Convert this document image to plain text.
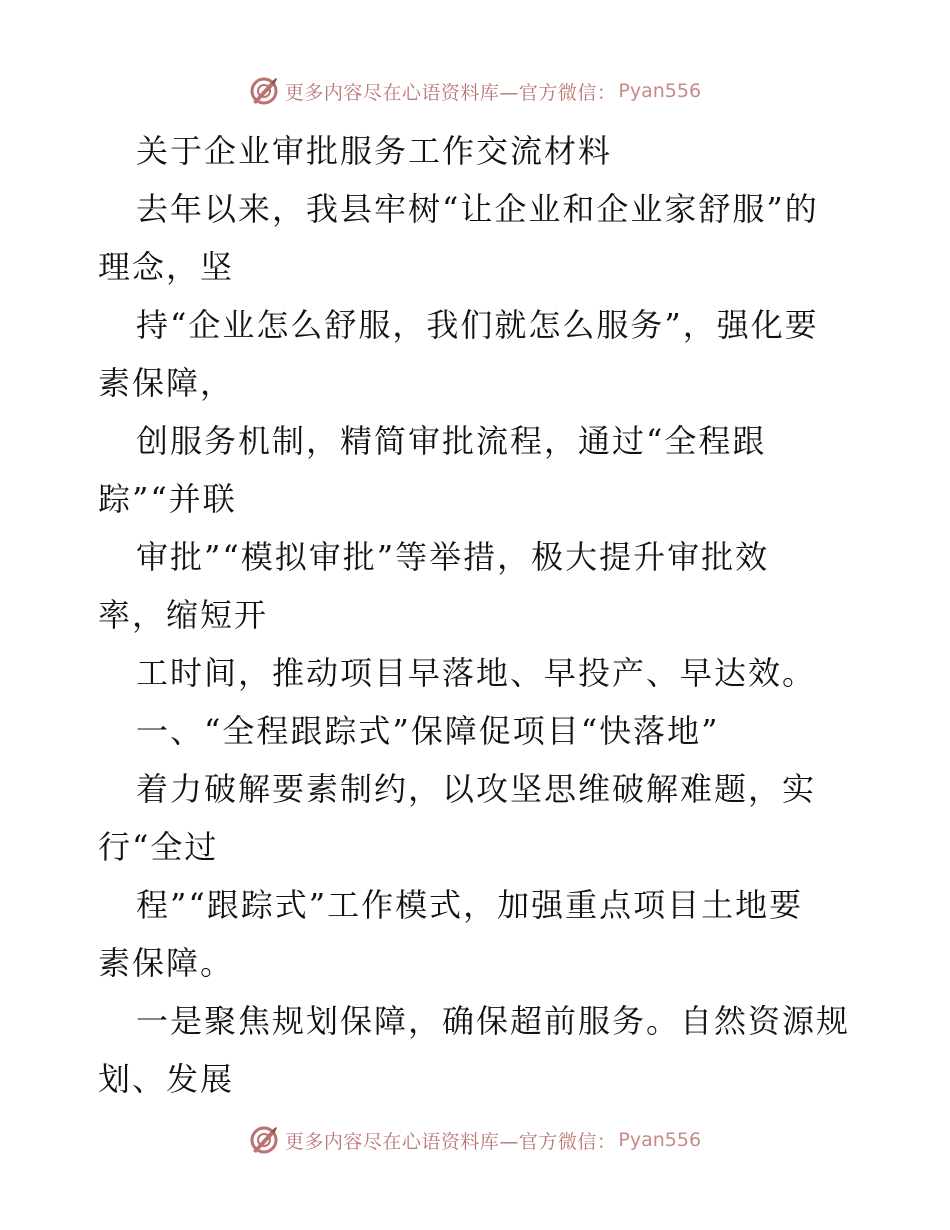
更多内容尽在心语资料库—官方微信： Pyan556
关于企业审批服务工作交流材料
去年以来，我县牢树“让企业和企业家舒服”的
理念，坚
持“企业怎么舒服，我们就怎么服务”，强化要
素保障，
创服务机制，精简审批流程，通过“全程跟
踪”“并联
审批”“模拟审批”等举措，极大提升审批效
率，缩短开
工时间，推动项目早落地、早投产、早达效。
一、“全程跟踪式”保障促项目“快落地”
着力破解要素制约，以攻坚思维破解难题，实
行“全过
程”“跟踪式”工作模式，加强重点项目土地要
素保障。
一是聚焦规划保障，确保超前服务。自然资源规
划、发展
更多内容尽在心语资料库—官方微信： Pyan556
